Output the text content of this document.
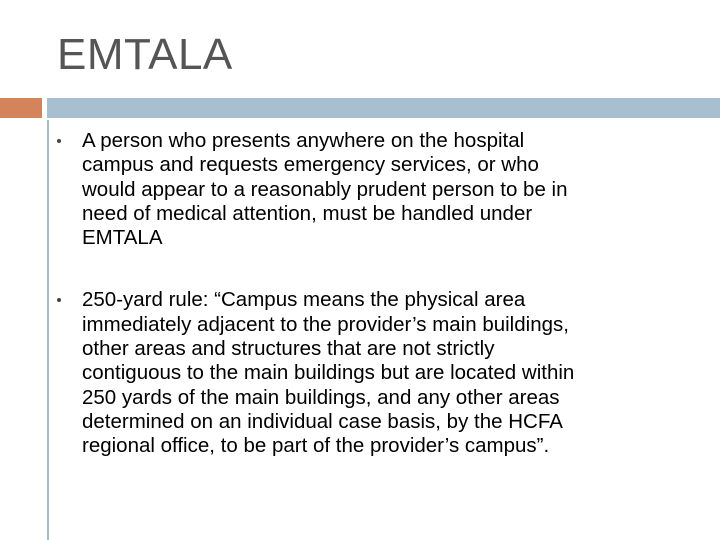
EMTALA
A person who presents anywhere on the hospital
campus and requests emergency services, or who
would appear to a reasonably prudent person to be in
need of medical attention, must be handled under
EMTALA
250-yard rule: “Campus means the physical area
immediately adjacent to the provider’s main buildings,
other areas and structures that are not strictly
contiguous to the main buildings but are located within
250 yards of the main buildings, and any other areas
determined on an individual case basis, by the HCFA
regional office, to be part of the provider’s campus”.
